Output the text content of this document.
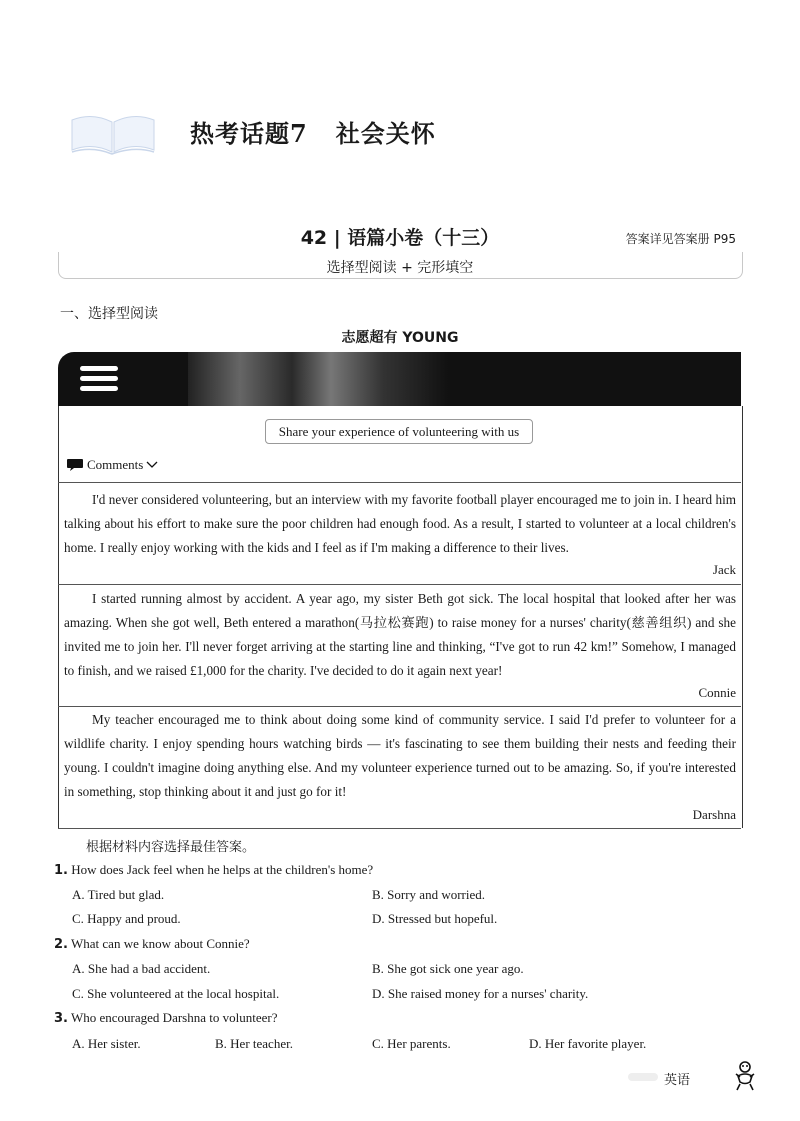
热考话题7   社会关怀
42 | 语篇小卷（十三）	答案详见答案册 P95
选择型阅读 + 完形填空
一、选择型阅读
志愿超有 YOUNG
Share your experience of volunteering with us
Comments

I'd never considered volunteering, but an interview with my favorite football player encouraged me to join in. I heard him talking about his effort to make sure the poor children had enough food. As a result, I started to volunteer at a local children's home. I really enjoy working with the kids and I feel as if I'm making a difference to their lives.

Jack

I started running almost by accident. A year ago, my sister Beth got sick. The local hospital that looked after her was amazing. When she got well, Beth entered a marathon(马拉松赛跑) to raise money for a nurses' charity(慈善组织) and she invited me to join her. I'll never forget arriving at the starting line and thinking, “I've got to run 42 km!” Somehow, I managed to finish, and we raised £1,000 for the charity. I've decided to do it again next year!

Connie

My teacher encouraged me to think about doing some kind of community service. I said I'd prefer to volunteer for a wildlife charity. I enjoy spending hours watching birds — it's fascinating to see them building their nests and feeding their young. I couldn't imagine doing anything else. And my volunteer experience turned out to be amazing. So, if you're interested in something, stop thinking about it and just go for it!

Darshna
根据材料内容选择最佳答案。
1. How does Jack feel when he helps at the children's home?
A. Tired but glad.	B. Sorry and worried.
C. Happy and proud.	D. Stressed but hopeful.
2. What can we know about Connie?
A. She had a bad accident.	B. She got sick one year ago.
C. She volunteered at the local hospital.	D. She raised money for a nurses' charity.
3. Who encouraged Darshna to volunteer?
A. Her sister.	B. Her teacher.	C. Her parents.	D. Her favorite player.
英语
